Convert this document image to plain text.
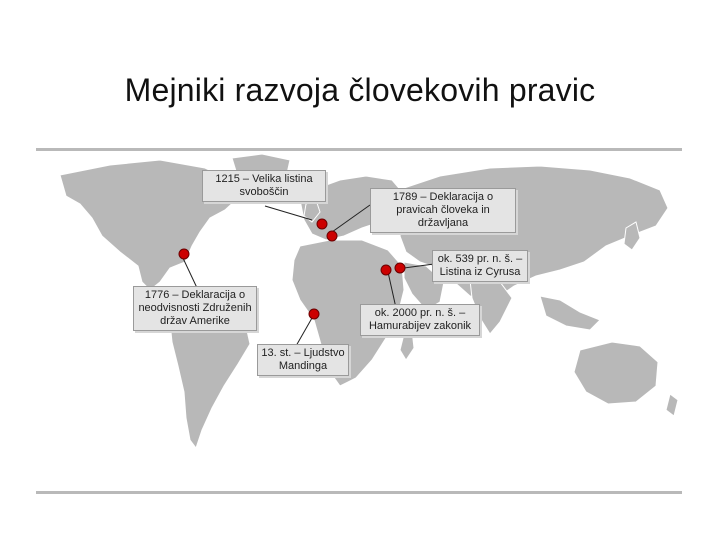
Mejniki razvoja človekovih pravic
1215 – Velika listina svoboščin	1789 – Deklaracija o pravicah človeka in državljana
ok. 539 pr. n. š. – Listina iz Cyrusa
1776 – Deklaracija o neodvisnosti Združenih držav Amerike
ok. 2000 pr. n. š. – Hamurabijev zakonik
13. st. – Ljudstvo Mandinga
